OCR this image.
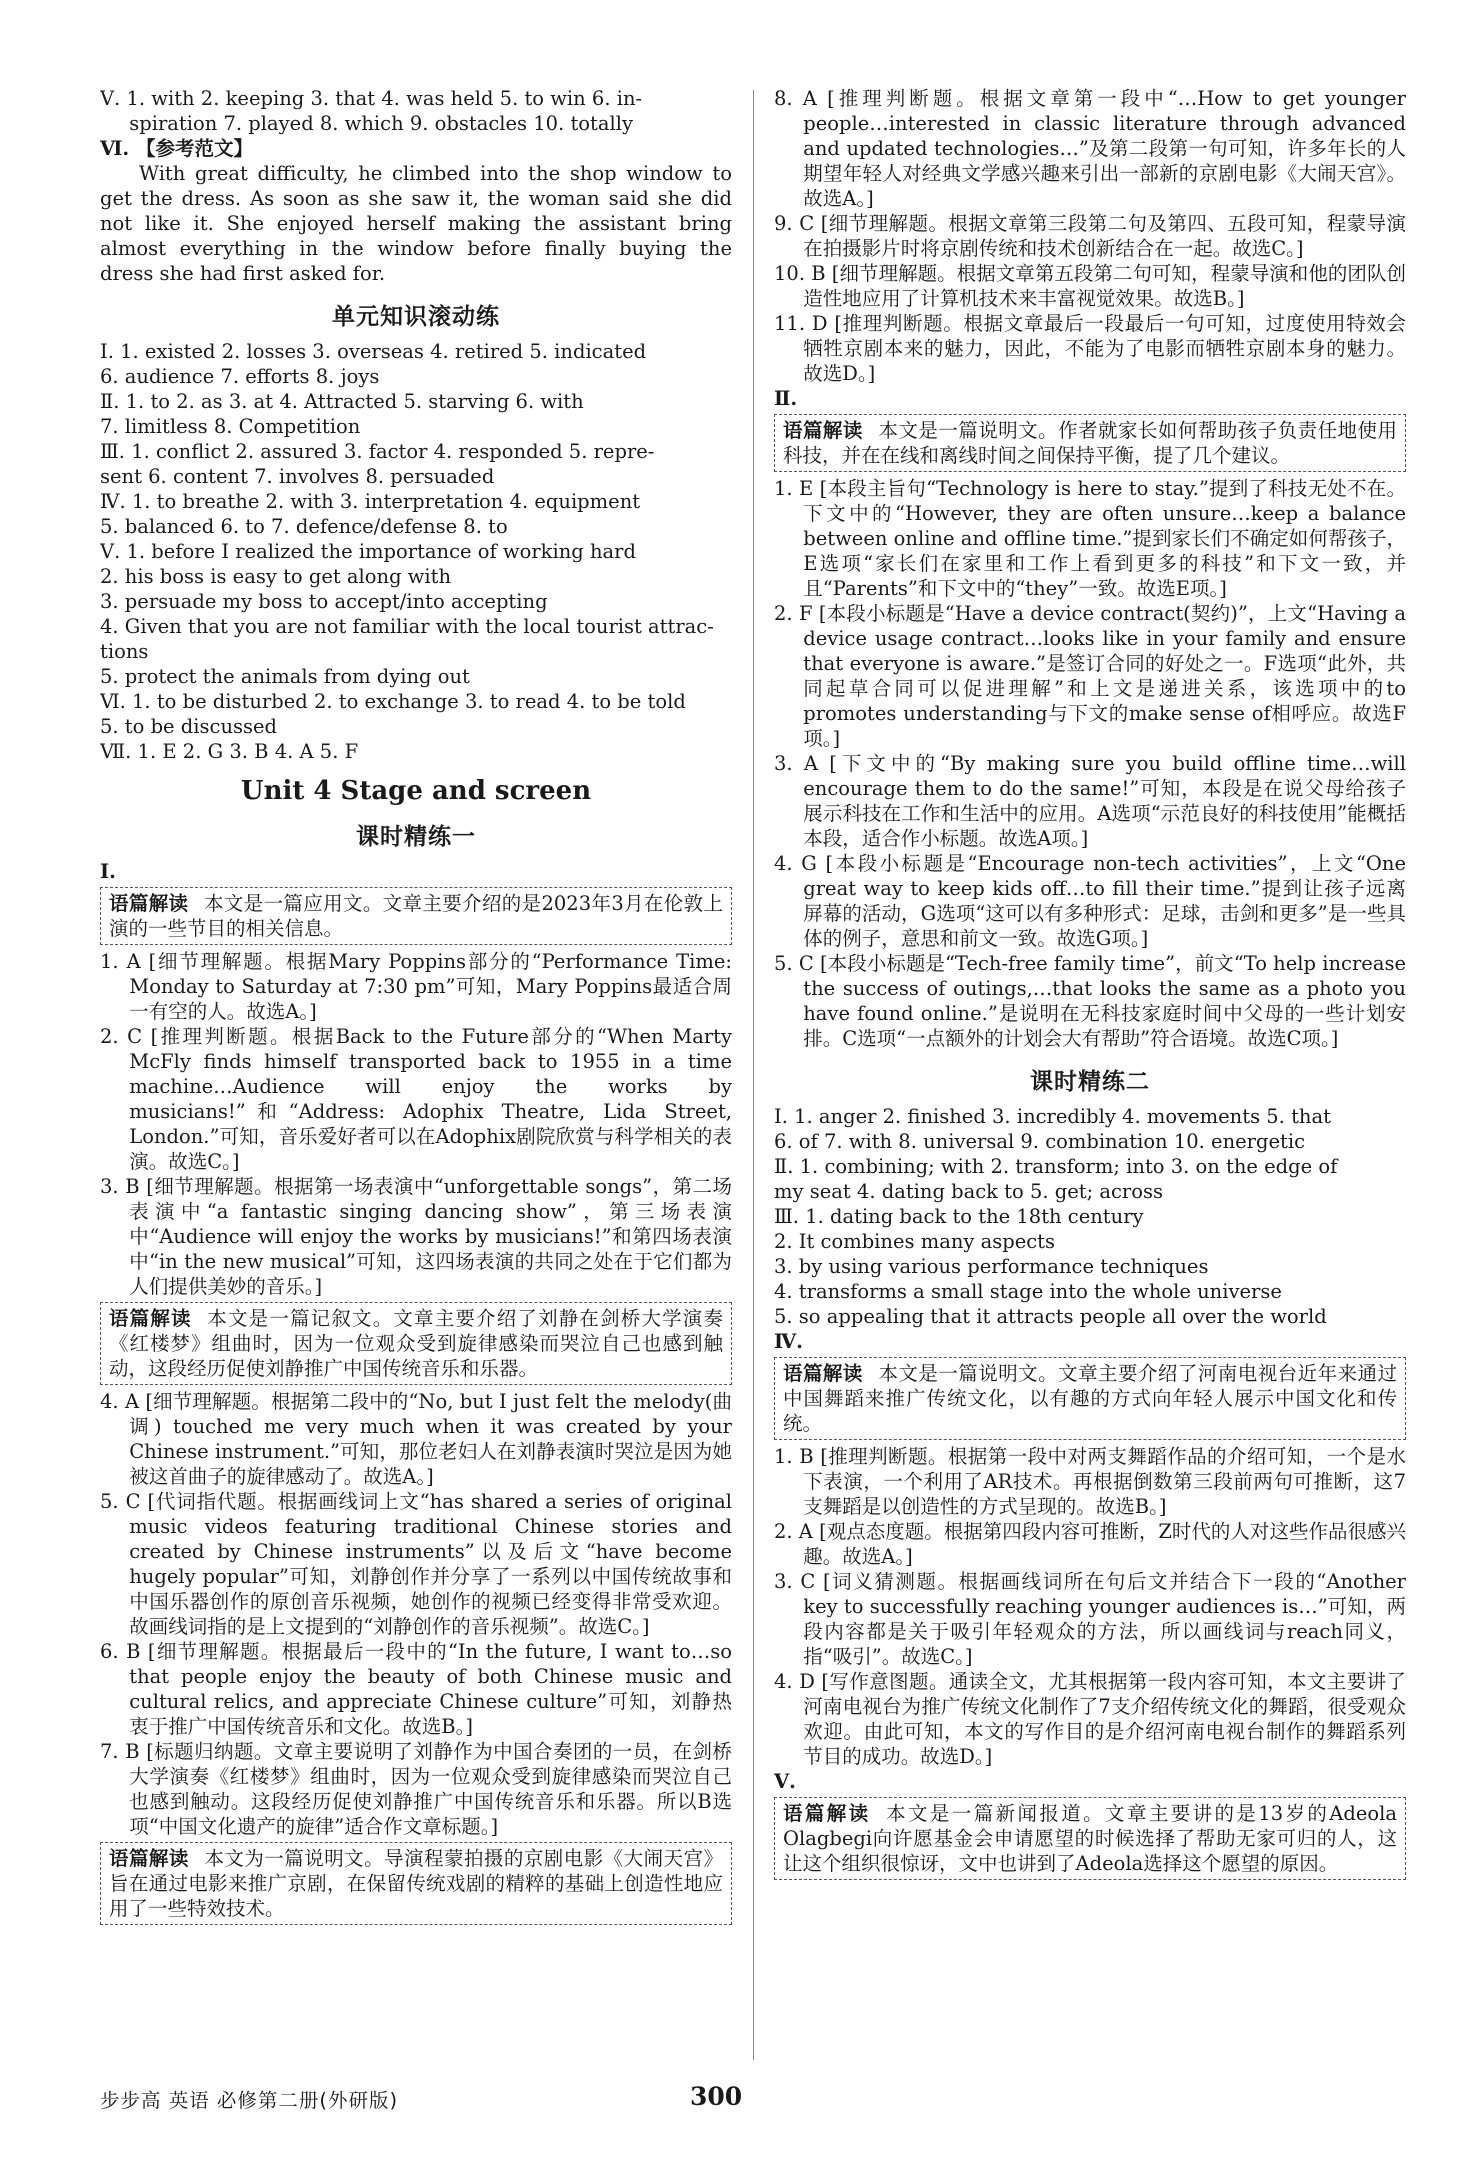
Ⅴ. 1. with 2. keeping 3. that 4. was held 5. to win 6. in-

spiration 7. played 8. which 9. obstacles 10. totally

Ⅵ. 【参考范文】

With great difficulty, he climbed into the shop window to get the dress. As soon as she saw it, the woman said she did not like it. She enjoyed herself making the assistant bring almost everything in the window before finally buying the dress she had first asked for.

单元知识滚动练

Ⅰ. 1. existed 2. losses 3. overseas 4. retired 5. indicated

6. audience 7. efforts 8. joys

Ⅱ. 1. to 2. as 3. at 4. Attracted 5. starving 6. with

7. limitless 8. Competition

Ⅲ. 1. conflict 2. assured 3. factor 4. responded 5. repre-

sent 6. content 7. involves 8. persuaded

Ⅳ. 1. to breathe 2. with 3. interpretation 4. equipment

5. balanced 6. to 7. defence/defense 8. to

Ⅴ. 1. before I realized the importance of working hard

2. his boss is easy to get along with

3. persuade my boss to accept/into accepting

4. Given that you are not familiar with the local tourist attrac-

tions

5. protect the animals from dying out

Ⅵ. 1. to be disturbed 2. to exchange 3. to read 4. to be told

5. to be discussed

Ⅶ. 1. E 2. G 3. B 4. A 5. F

Unit 4 Stage and screen
课时精练一

Ⅰ.

语篇解读 本文是一篇应用文。文章主要介绍的是2023年3月在伦敦上演的一些节目的相关信息。

1. A [细节理解题。根据Mary Poppins部分的“Performance Time: Monday to Saturday at 7:30 pm”可知，Mary Poppins最适合周一有空的人。故选A。]

2. C [推理判断题。根据Back to the Future部分的“When Marty McFly finds himself transported back to 1955 in a time machine…Audience will enjoy the works by musicians!”和“Address: Adophix Theatre, Lida Street, London.”可知，音乐爱好者可以在Adophix剧院欣赏与科学相关的表演。故选C。]

3. B [细节理解题。根据第一场表演中“unforgettable songs”，第二场表演中“a fantastic singing dancing show”，第三场表演中“Audience will enjoy the works by musicians!”和第四场表演中“in the new musical”可知，这四场表演的共同之处在于它们都为人们提供美妙的音乐。]

语篇解读 本文是一篇记叙文。文章主要介绍了刘静在剑桥大学演奏《红楼梦》组曲时，因为一位观众受到旋律感染而哭泣自己也感到触动，这段经历促使刘静推广中国传统音乐和乐器。

4. A [细节理解题。根据第二段中的“No, but I just felt the melody(曲调) touched me very much when it was created by your Chinese instrument.”可知，那位老妇人在刘静表演时哭泣是因为她被这首曲子的旋律感动了。故选A。]

5. C [代词指代题。根据画线词上文“has shared a series of original music videos featuring traditional Chinese stories and created by Chinese instruments”以及后文“have become hugely popular”可知，刘静创作并分享了一系列以中国传统故事和中国乐器创作的原创音乐视频，她创作的视频已经变得非常受欢迎。故画线词指的是上文提到的“刘静创作的音乐视频”。故选C。]

6. B [细节理解题。根据最后一段中的“In the future, I want to…so that people enjoy the beauty of both Chinese music and cultural relics, and appreciate Chinese culture”可知，刘静热衷于推广中国传统音乐和文化。故选B。]

7. B [标题归纳题。文章主要说明了刘静作为中国合奏团的一员，在剑桥大学演奏《红楼梦》组曲时，因为一位观众受到旋律感染而哭泣自己也感到触动。这段经历促使刘静推广中国传统音乐和乐器。所以B选项“中国文化遗产的旋律”适合作文章标题。]

语篇解读 本文为一篇说明文。导演程蒙拍摄的京剧电影《大闹天宫》旨在通过电影来推广京剧，在保留传统戏剧的精粹的基础上创造性地应用了一些特效技术。

8. A [推理判断题。根据文章第一段中“…How to get younger people…interested in classic literature through advanced and updated technologies…”及第二段第一句可知，许多年长的人期望年轻人对经典文学感兴趣来引出一部新的京剧电影《大闹天宫》。故选A。]

9. C [细节理解题。根据文章第三段第二句及第四、五段可知，程蒙导演在拍摄影片时将京剧传统和技术创新结合在一起。故选C。]

10. B [细节理解题。根据文章第五段第二句可知，程蒙导演和他的团队创造性地应用了计算机技术来丰富视觉效果。故选B。]

11. D [推理判断题。根据文章最后一段最后一句可知，过度使用特效会牺牲京剧本来的魅力，因此，不能为了电影而牺牲京剧本身的魅力。故选D。]

Ⅱ.

语篇解读 本文是一篇说明文。作者就家长如何帮助孩子负责任地使用科技，并在在线和离线时间之间保持平衡，提了几个建议。

1. E [本段主旨句“Technology is here to stay.”提到了科技无处不在。下文中的“However, they are often unsure…keep a balance between online and offline time.”提到家长们不确定如何帮孩子，E选项“家长们在家里和工作上看到更多的科技”和下文一致，并且“Parents”和下文中的“they”一致。故选E项。]

2. F [本段小标题是“Have a device contract(契约)”，上文“Having a device usage contract…looks like in your family and ensure that everyone is aware.”是签订合同的好处之一。F选项“此外，共同起草合同可以促进理解”和上文是递进关系，该选项中的to promotes understanding与下文的make sense of相呼应。故选F项。]

3. A [下文中的“By making sure you build offline time…will encourage them to do the same!”可知，本段是在说父母给孩子展示科技在工作和生活中的应用。A选项“示范良好的科技使用”能概括本段，适合作小标题。故选A项。]

4. G [本段小标题是“Encourage non-tech activities”，上文“One great way to keep kids off…to fill their time.”提到让孩子远离屏幕的活动，G选项“这可以有多种形式：足球，击剑和更多”是一些具体的例子，意思和前文一致。故选G项。]

5. C [本段小标题是“Tech-free family time”，前文“To help increase the success of outings,…that looks the same as a photo you have found online.”是说明在无科技家庭时间中父母的一些计划安排。C选项“一点额外的计划会大有帮助”符合语境。故选C项。]

课时精练二

Ⅰ. 1. anger 2. finished 3. incredibly 4. movements 5. that

6. of 7. with 8. universal 9. combination 10. energetic

Ⅱ. 1. combining; with 2. transform; into 3. on the edge of

my seat 4. dating back to 5. get; across

Ⅲ. 1. dating back to the 18th century

2. It combines many aspects

3. by using various performance techniques

4. transforms a small stage into the whole universe

5. so appealing that it attracts people all over the world

Ⅳ.

语篇解读 本文是一篇说明文。文章主要介绍了河南电视台近年来通过中国舞蹈来推广传统文化，以有趣的方式向年轻人展示中国文化和传统。

1. B [推理判断题。根据第一段中对两支舞蹈作品的介绍可知，一个是水下表演，一个利用了AR技术。再根据倒数第三段前两句可推断，这7支舞蹈是以创造性的方式呈现的。故选B。]

2. A [观点态度题。根据第四段内容可推断，Z时代的人对这些作品很感兴趣。故选A。]

3. C [词义猜测题。根据画线词所在句后文并结合下一段的“Another key to successfully reaching younger audiences is…”可知，两段内容都是关于吸引年轻观众的方法，所以画线词与reach同义，指“吸引”。故选C。]

4. D [写作意图题。通读全文，尤其根据第一段内容可知，本文主要讲了河南电视台为推广传统文化制作了7支介绍传统文化的舞蹈，很受观众欢迎。由此可知，本文的写作目的是介绍河南电视台制作的舞蹈系列节目的成功。故选D。]

Ⅴ.

语篇解读 本文是一篇新闻报道。文章主要讲的是13岁的Adeola Olagbegi向许愿基金会申请愿望的时候选择了帮助无家可归的人，这让这个组织很惊讶，文中也讲到了Adeola选择这个愿望的原因。
步步高 英语 必修第二册(外研版)	300
